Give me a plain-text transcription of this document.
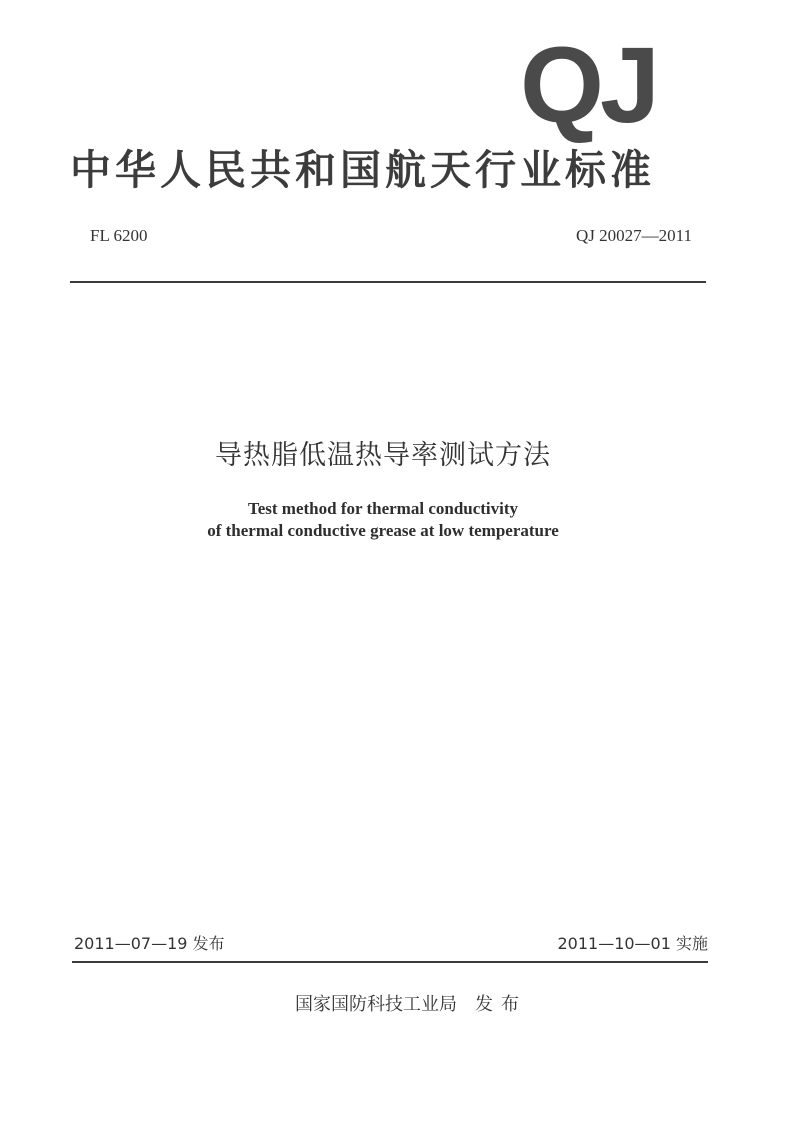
QJ
中华人民共和国航天行业标准
FL 6200	QJ 20027—2011
导热脂低温热导率测试方法
Test method for thermal conductivity
of thermal conductive grease at low temperature
2011—07—19 发布	2011—10—01 实施
国家国防科技工业局 发布
